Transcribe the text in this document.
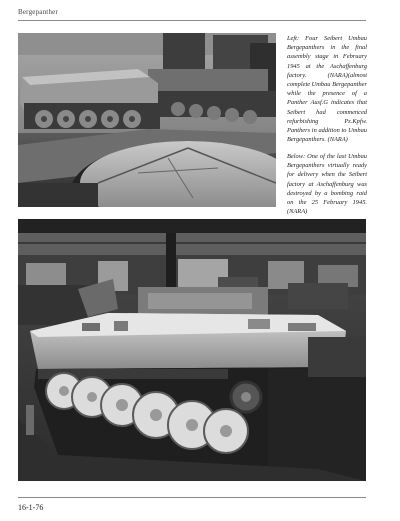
Bergepanther

Left: Four Seibert Umbau Bergepanthers in the final assembly stage in February 1945 at the Aschaffenburg factory. (NARA)(almost complete Umbau Bergepanther while the presence of a Panther Ausf.G indicates that Seibert had commenced refurbishing Pz.Kpfw. Panthers in addition to Umbau Bergepanthers. (NARA)

Below: One of the last Umbau Bergepanthers virtually ready for delivery when the Seibert factory at Aschaffenburg was destroyed by a bombing raid on the 25 February 1945. (NARA)

16-1-76
